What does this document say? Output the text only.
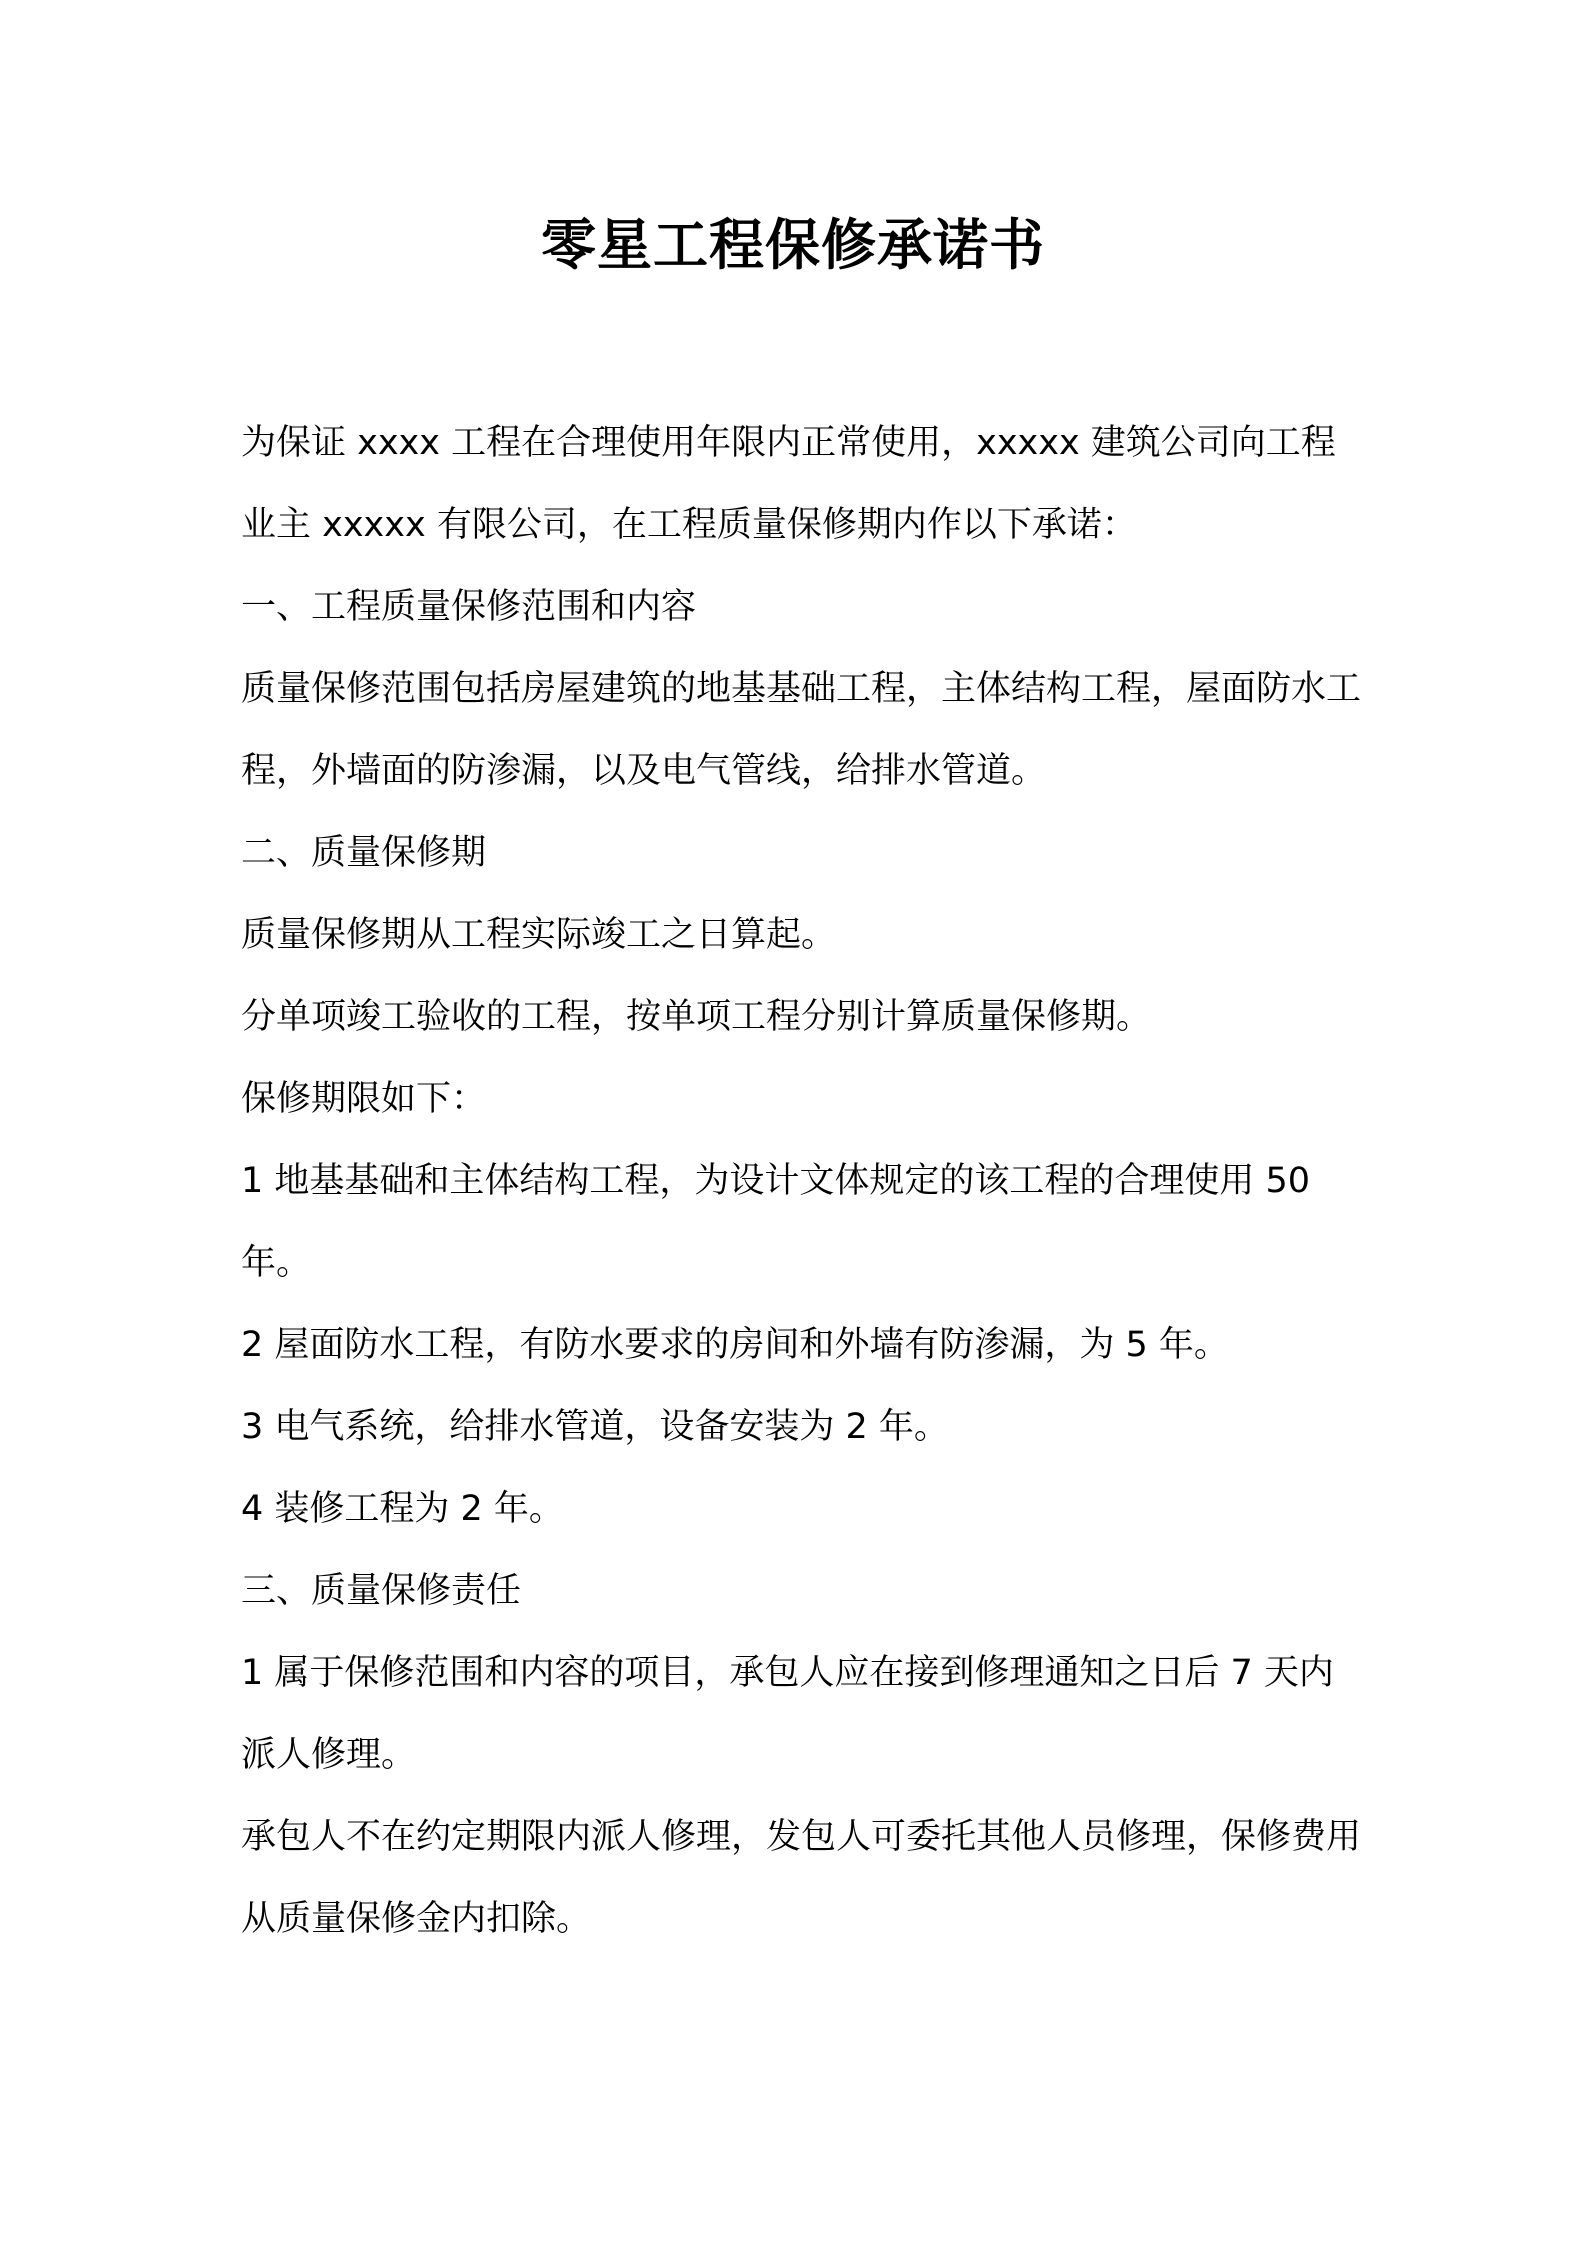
零星工程保修承诺书

为保证 xxxx 工程在合理使用年限内正常使用，xxxxx 建筑公司向工程业主 xxxxx 有限公司，在工程质量保修期内作以下承诺：

一、工程质量保修范围和内容

质量保修范围包括房屋建筑的地基基础工程，主体结构工程，屋面防水工程，外墙面的防渗漏，以及电气管线，给排水管道。

二、质量保修期

质量保修期从工程实际竣工之日算起。

分单项竣工验收的工程，按单项工程分别计算质量保修期。

保修期限如下：

1 地基基础和主体结构工程，为设计文体规定的该工程的合理使用 50 年。

2 屋面防水工程，有防水要求的房间和外墙有防渗漏，为 5 年。

3 电气系统，给排水管道，设备安装为 2 年。

4 装修工程为 2 年。

三、质量保修责任

1 属于保修范围和内容的项目，承包人应在接到修理通知之日后 7 天内派人修理。

承包人不在约定期限内派人修理，发包人可委托其他人员修理，保修费用从质量保修金内扣除。
